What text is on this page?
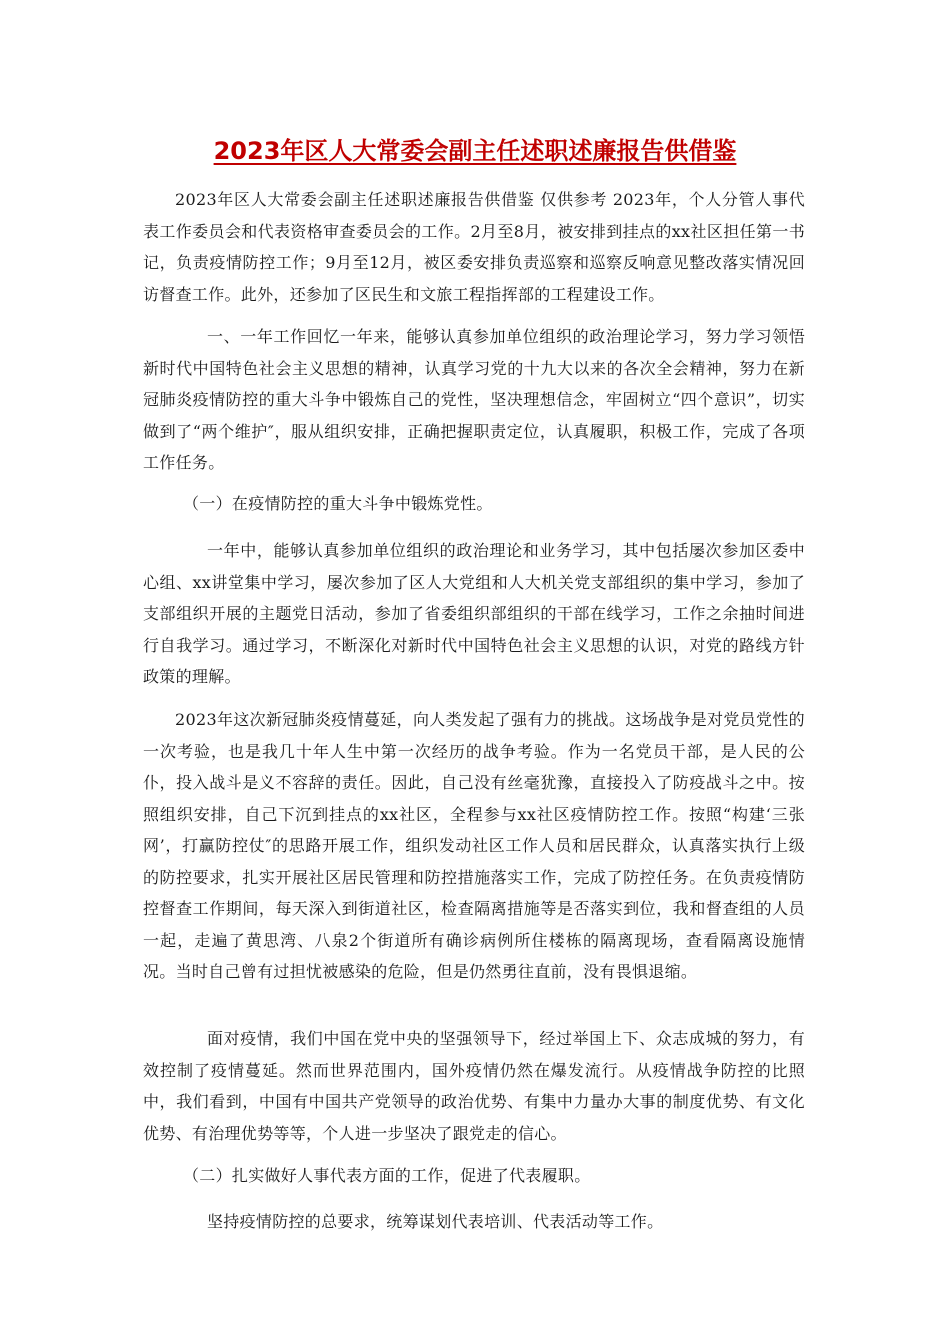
2023年区人大常委会副主任述职述廉报告供借鉴

2023年区人大常委会副主任述职述廉报告供借鉴 仅供参考 2023年，个人分管人事代表工作委员会和代表资格审查委员会的工作。2月至8月，被安排到挂点的xx社区担任第一书记，负责疫情防控工作；9月至12月，被区委安排负责巡察和巡察反响意见整改落实情况回访督查工作。此外，还参加了区民生和文旅工程指挥部的工程建设工作。

一、一年工作回忆一年来，能够认真参加单位组织的政治理论学习，努力学习领悟新时代中国特色社会主义思想的精神，认真学习党的十九大以来的各次全会精神，努力在新冠肺炎疫情防控的重大斗争中锻炼自己的党性，坚决理想信念，牢固树立“四个意识”，切实做到了“两个维护″，服从组织安排，正确把握职责定位，认真履职，积极工作，完成了各项工作任务。

（一）在疫情防控的重大斗争中锻炼党性。

一年中，能够认真参加单位组织的政治理论和业务学习，其中包括屡次参加区委中心组、xx讲堂集中学习，屡次参加了区人大党组和人大机关党支部组织的集中学习，参加了支部组织开展的主题党日活动，参加了省委组织部组织的干部在线学习，工作之余抽时间进行自我学习。通过学习，不断深化对新时代中国特色社会主义思想的认识，对党的路线方针政策的理解。

2023年这次新冠肺炎疫情蔓延，向人类发起了强有力的挑战。这场战争是对党员党性的一次考验，也是我几十年人生中第一次经历的战争考验。作为一名党员干部，是人民的公仆，投入战斗是义不容辞的责任。因此，自己没有丝毫犹豫，直接投入了防疫战斗之中。按照组织安排，自己下沉到挂点的xx社区，全程参与xx社区疫情防控工作。按照“构建‘三张网’，打赢防控仗″的思路开展工作，组织发动社区工作人员和居民群众，认真落实执行上级的防控要求，扎实开展社区居民管理和防控措施落实工作，完成了防控任务。在负责疫情防控督查工作期间，每天深入到街道社区，检查隔离措施等是否落实到位，我和督查组的人员一起，走遍了黄思湾、八泉2个街道所有确诊病例所住楼栋的隔离现场，查看隔离设施情况。当时自己曾有过担忧被感染的危险，但是仍然勇往直前，没有畏惧退缩。

面对疫情，我们中国在党中央的坚强领导下，经过举国上下、众志成城的努力，有效控制了疫情蔓延。然而世界范围内，国外疫情仍然在爆发流行。从疫情战争防控的比照中，我们看到，中国有中国共产党领导的政治优势、有集中力量办大事的制度优势、有文化优势、有治理优势等等，个人进一步坚决了跟党走的信心。

（二）扎实做好人事代表方面的工作，促进了代表履职。

坚持疫情防控的总要求，统筹谋划代表培训、代表活动等工作。
